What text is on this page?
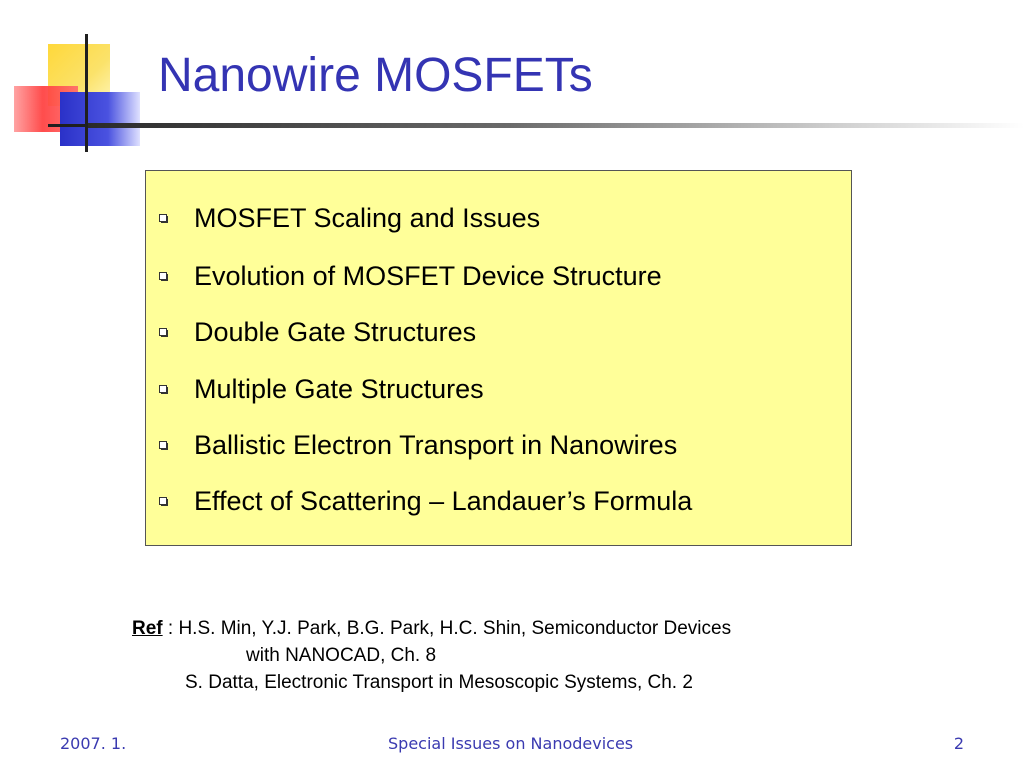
Nanowire MOSFETs
MOSFET Scaling and Issues
Evolution of MOSFET Device Structure
Double Gate Structures
Multiple Gate Structures
Ballistic Electron Transport in Nanowires
Effect of Scattering – Landauer’s Formula
Ref : H.S. Min, Y.J. Park, B.G. Park, H.C. Shin, Semiconductor Devices
with NANOCAD, Ch. 8
S. Datta, Electronic Transport in Mesoscopic Systems, Ch. 2
2007. 1.	Special Issues on Nanodevices	2
